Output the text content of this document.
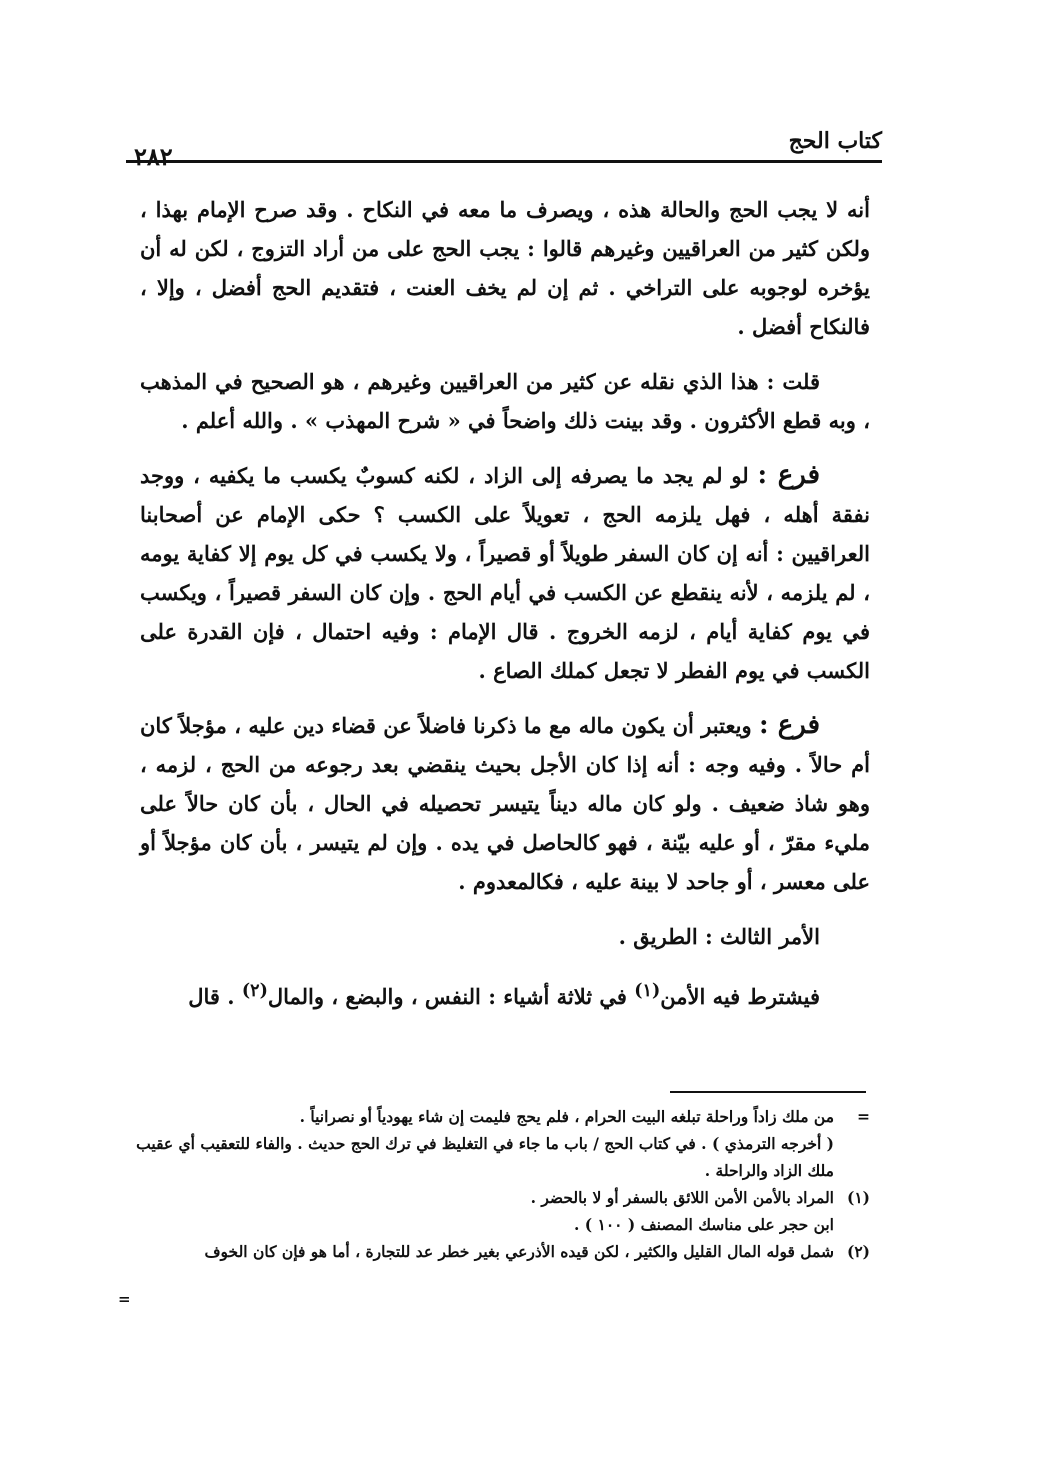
كتاب الحج
٢٨٢

أنه لا يجب الحج والحالة هذه ، ويصرف ما معه في النكاح . وقد صرح الإمام بهذا ، ولكن كثير من العراقيين وغيرهم قالوا : يجب الحج على من أراد التزوج ، لكن له أن يؤخره لوجوبه على التراخي . ثم إن لم يخف العنت ، فتقديم الحج أفضل ، وإلا ، فالنكاح أفضل .

قلت : هذا الذي نقله عن كثير من العراقيين وغيرهم ، هو الصحيح في المذهب ، وبه قطع الأكثرون . وقد بينت ذلك واضحاً في « شرح المهذب » . والله أعلم .

فرع : لو لم يجد ما يصرفه إلى الزاد ، لكنه كسوبٌ يكسب ما يكفيه ، ووجد نفقة أهله ، فهل يلزمه الحج ، تعويلاً على الكسب ؟ حكى الإمام عن أصحابنا العراقيين : أنه إن كان السفر طويلاً أو قصيراً ، ولا يكسب في كل يوم إلا كفاية يومه ، لم يلزمه ، لأنه ينقطع عن الكسب في أيام الحج . وإن كان السفر قصيراً ، ويكسب في يوم كفاية أيام ، لزمه الخروج . قال الإمام : وفيه احتمال ، فإن القدرة على الكسب في يوم الفطر لا تجعل كملك الصاع .

فرع : ويعتبر أن يكون ماله مع ما ذكرنا فاضلاً عن قضاء دين عليه ، مؤجلاً كان أم حالاً . وفيه وجه : أنه إذا كان الأجل بحيث ينقضي بعد رجوعه من الحج ، لزمه ، وهو شاذ ضعيف . ولو كان ماله ديناً يتيسر تحصيله في الحال ، بأن كان حالاً على مليء مقرّ ، أو عليه بيّنة ، فهو كالحاصل في يده . وإن لم يتيسر ، بأن كان مؤجلاً أو على معسر ، أو جاحد لا بينة عليه ، فكالمعدوم .

الأمر الثالث : الطريق .

فيشترط فيه الأمن$^{(١)}$ في ثلاثة أشياء : النفس ، والبضع ، والمال$^{(٢)}$ . قال

=من ملك زاداً وراحلة تبلغه البيت الحرام ، فلم يحج فليمت إن شاء يهودياً أو نصرانياً .

( أخرجه الترمذي ) . في كتاب الحج / باب ما جاء في التغليظ في ترك الحج حديث . والفاء للتعقيب أي عقيب ملك الزاد والراحلة .

(١)المراد بالأمن الأمن اللائق بالسفر أو لا بالحضر .

ابن حجر على مناسك المصنف ( ١٠٠ ) .

(٢)شمل قوله المال القليل والكثير ، لكن قيده الأذرعي بغير خطر عد للتجارة ، أما هو فإن كان الخوف

=
